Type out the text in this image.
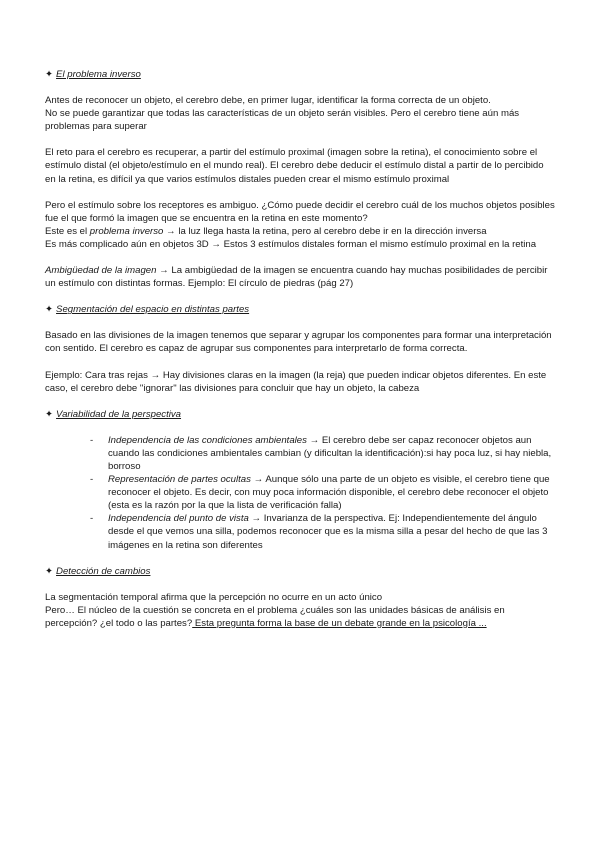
✦ El problema inverso

Antes de reconocer un objeto, el cerebro debe, en primer lugar, identificar la forma correcta de un objeto.
No se puede garantizar que todas las características de un objeto serán visibles. Pero el cerebro tiene aún más problemas para superar

El reto para el cerebro es recuperar, a partir del estímulo proximal (imagen sobre la retina), el conocimiento sobre el estímulo distal (el objeto/estímulo en el mundo real). El cerebro debe deducir el estímulo distal a partir de lo percibido en la retina, es difícil ya que varios estímulos distales pueden crear el mismo estímulo proximal

Pero el estímulo sobre los receptores es ambiguo. ¿Cómo puede decidir el cerebro cuál de los muchos objetos posibles fue el que formó la imagen que se encuentra en la retina en este momento?

Este es el problema inverso → la luz llega hasta la retina, pero al cerebro debe ir en la dirección inversa

Es más complicado aún en objetos 3D → Estos 3 estímulos distales forman el mismo estímulo proximal en la retina

Ambigüedad de la imagen → La ambigüedad de la imagen se encuentra cuando hay muchas posibilidades de percibir un estímulo con distintas formas. Ejemplo: El círculo de piedras (pág 27)

✦ Segmentación del espacio en distintas partes

Basado en las divisiones de la imagen tenemos que separar y agrupar los componentes para formar una interpretación con sentido. El cerebro es capaz de agrupar sus componentes para interpretarlo de forma correcta.

Ejemplo: Cara tras rejas → Hay divisiones claras en la imagen (la reja) que pueden indicar objetos diferentes. En este caso, el cerebro debe "ignorar" las divisiones para concluir que hay un objeto, la cabeza

✦ Variabilidad de la perspectiva

- Independencia de las condiciones ambientales → El cerebro debe ser capaz reconocer objetos aun cuando las condiciones ambientales cambian (y dificultan la identificación):si hay poca luz, si hay niebla, borroso
- Representación de partes ocultas → Aunque sólo una parte de un objeto es visible, el cerebro tiene que reconocer el objeto. Es decir, con muy poca información disponible, el cerebro debe reconocer el objeto (esta es la razón por la que la lista de verificación falla)
- Independencia del punto de vista → Invarianza de la perspectiva. Ej: Independientemente del ángulo desde el que vemos una silla, podemos reconocer que es la misma silla a pesar del hecho de que las 3 imágenes en la retina son diferentes

✦ Detección de cambios

La segmentación temporal afirma que la percepción no ocurre en un acto único

Pero… El núcleo de la cuestión se concreta en el problema ¿cuáles son las unidades básicas de análisis en percepción? ¿el todo o las partes? Esta pregunta forma la base de un debate grande en la psicología ...
